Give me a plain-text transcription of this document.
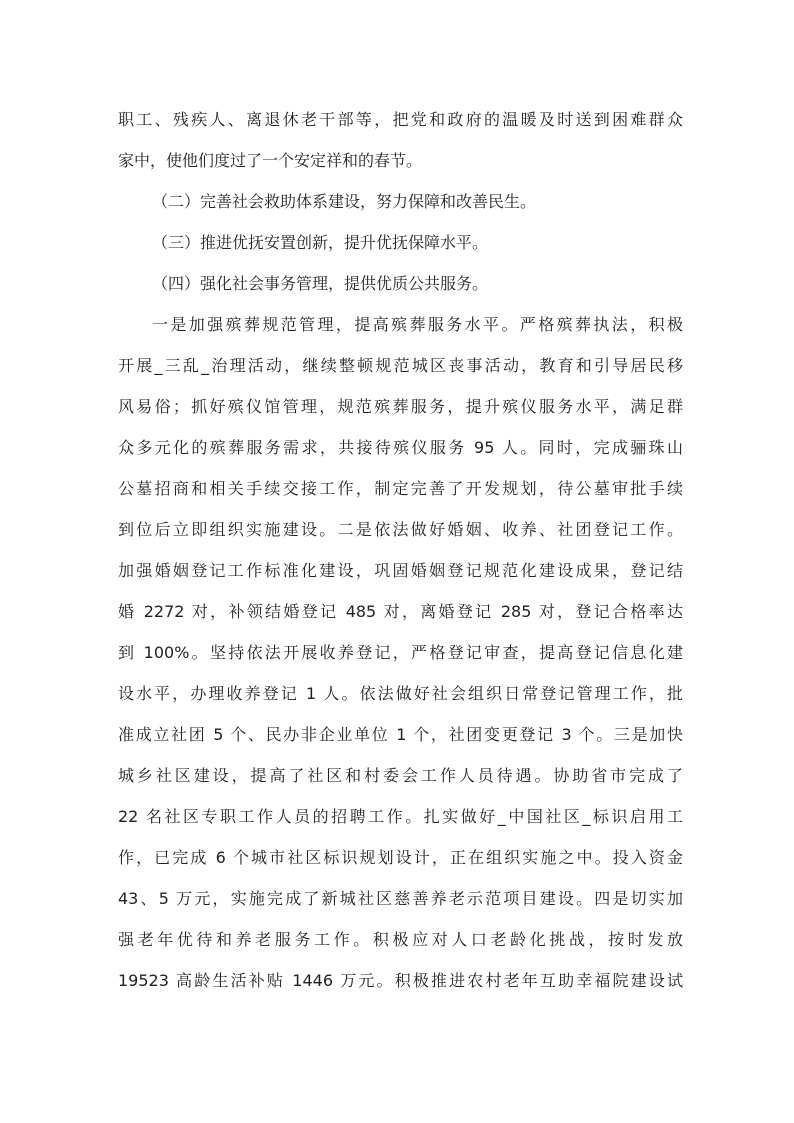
职工、残疾人、离退休老干部等，把党和政府的温暖及时送到困难群众
家中，使他们度过了一个安定祥和的春节。
（二）完善社会救助体系建设，努力保障和改善民生。
（三）推进优抚安置创新，提升优抚保障水平。
（四）强化社会事务管理，提供优质公共服务。
一是加强殡葬规范管理，提高殡葬服务水平。严格殡葬执法，积极
开展_三乱_治理活动，继续整顿规范城区丧事活动，教育和引导居民移
风易俗；抓好殡仪馆管理，规范殡葬服务，提升殡仪服务水平，满足群
众多元化的殡葬服务需求，共接待殡仪服务 95 人。同时，完成骊珠山
公墓招商和相关手续交接工作，制定完善了开发规划，待公墓审批手续
到位后立即组织实施建设。二是依法做好婚姻、收养、社团登记工作。
加强婚姻登记工作标准化建设，巩固婚姻登记规范化建设成果，登记结
婚 2272 对，补领结婚登记 485 对，离婚登记 285 对，登记合格率达
到 100%。坚持依法开展收养登记，严格登记审查，提高登记信息化建
设水平，办理收养登记 1 人。依法做好社会组织日常登记管理工作，批
准成立社团 5 个、民办非企业单位 1 个，社团变更登记 3 个。三是加快
城乡社区建设，提高了社区和村委会工作人员待遇。协助省市完成了
22 名社区专职工作人员的招聘工作。扎实做好_中国社区_标识启用工
作，已完成 6 个城市社区标识规划设计，正在组织实施之中。投入资金
43、5 万元，实施完成了新城社区慈善养老示范项目建设。四是切实加
强老年优待和养老服务工作。积极应对人口老龄化挑战，按时发放
19523 高龄生活补贴 1446 万元。积极推进农村老年互助幸福院建设试
